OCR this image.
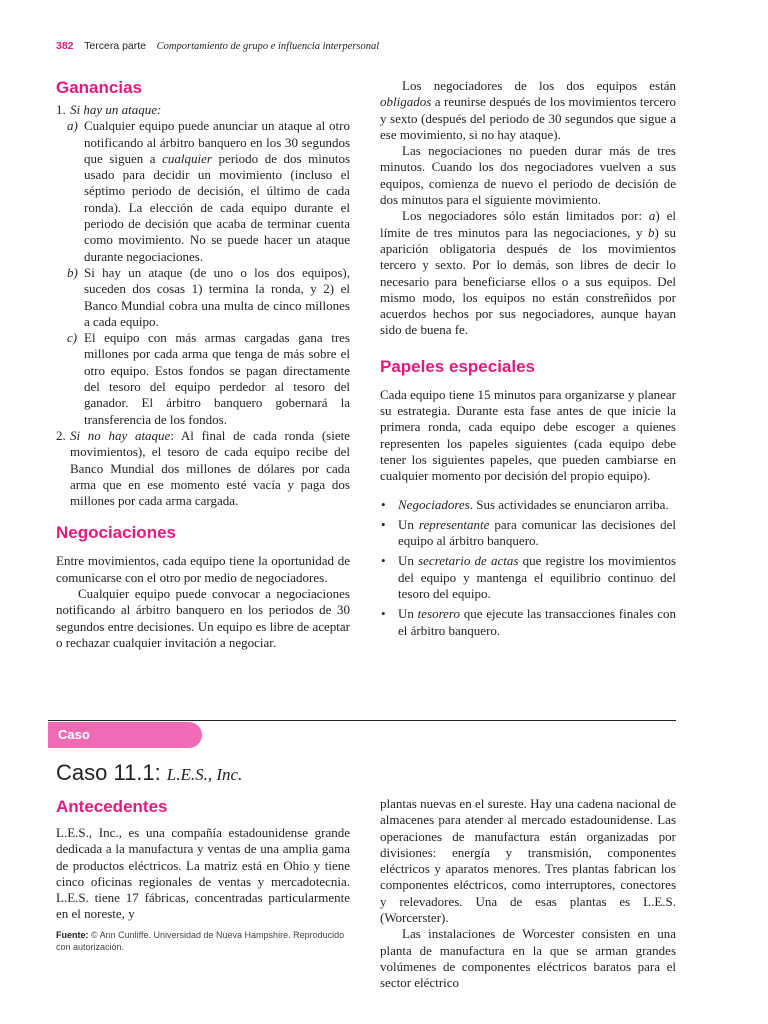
382 Tercera parte Comportamiento de grupo e influencia interpersonal
Ganancias
1. Si hay un ataque:
a) Cualquier equipo puede anunciar un ataque al otro notificando al árbitro banquero en los 30 segundos que siguen a cualquier periodo de dos minutos usado para decidir un movimiento (incluso el séptimo periodo de decisión, el último de cada ronda). La elección de cada equipo durante el periodo de decisión que acaba de terminar cuenta como movimiento. No se puede hacer un ataque durante negociaciones.
b) Si hay un ataque (de uno o los dos equipos), suceden dos cosas 1) termina la ronda, y 2) el Banco Mundial cobra una multa de cinco millones a cada equipo.
c) El equipo con más armas cargadas gana tres millones por cada arma que tenga de más sobre el otro equipo. Estos fondos se pagan directamente del tesoro del equipo perdedor al tesoro del ganador. El árbitro banquero gobernará la transferencia de los fondos.
2. Si no hay ataque: Al final de cada ronda (siete movimientos), el tesoro de cada equipo recibe del Banco Mundial dos millones de dólares por cada arma que en ese momento esté vacía y paga dos millones por cada arma cargada.
Negociaciones

Entre movimientos, cada equipo tiene la oportunidad de comunicarse con el otro por medio de negociadores.

Cualquier equipo puede convocar a negociaciones notificando al árbitro banquero en los periodos de 30 segundos entre decisiones. Un equipo es libre de aceptar o rechazar cualquier invitación a negociar.

Los negociadores de los dos equipos están obligados a reunirse después de los movimientos tercero y sexto (después del periodo de 30 segundos que sigue a ese movimiento, si no hay ataque).

Las negociaciones no pueden durar más de tres minutos. Cuando los dos negociadores vuelven a sus equipos, comienza de nuevo el periodo de decisión de dos minutos para el siguiente movimiento.

Los negociadores sólo están limitados por: a) el límite de tres minutos para las negociaciones, y b) su aparición obligatoria después de los movimientos tercero y sexto. Por lo demás, son libres de decir lo necesario para beneficiarse ellos o a sus equipos. Del mismo modo, los equipos no están constreñidos por acuerdos hechos por sus negociadores, aunque hayan sido de buena fe.

Papeles especiales

Cada equipo tiene 15 minutos para organizarse y planear su estrategia. Durante esta fase antes de que inicie la primera ronda, cada equipo debe escoger a quienes representen los papeles siguientes (cada equipo debe tener los siguientes papeles, que pueden cambiarse en cualquier momento por decisión del propio equipo).

• Negociadores. Sus actividades se enunciaron arriba.
• Un representante para comunicar las decisiones del equipo al árbitro banquero.
• Un secretario de actas que registre los movimientos del equipo y mantenga el equilibrio continuo del tesoro del equipo.
• Un tesorero que ejecute las transacciones finales con el árbitro banquero.
Caso
Caso 11.1: L.E.S., Inc.
Antecedentes

L.E.S., Inc., es una compañía estadounidense grande dedicada a la manufactura y ventas de una amplia gama de productos eléctricos. La matriz está en Ohio y tiene cinco oficinas regionales de ventas y mercadotecnia. L.E.S. tiene 17 fábricas, concentradas particularmente en el noreste, y

Fuente: © Ann Cunliffe. Universidad de Nueva Hampshire. Reproducido con autorización.

plantas nuevas en el sureste. Hay una cadena nacional de almacenes para atender al mercado estadounidense. Las operaciones de manufactura están organizadas por divisiones: energía y transmisión, componentes eléctricos y aparatos menores. Tres plantas fabrican los componentes eléctricos, como interruptores, conectores y relevadores. Una de esas plantas es L.E.S. (Worcerster).

Las instalaciones de Worcester consisten en una planta de manufactura en la que se arman grandes volúmenes de componentes eléctricos baratos para el sector eléctrico
